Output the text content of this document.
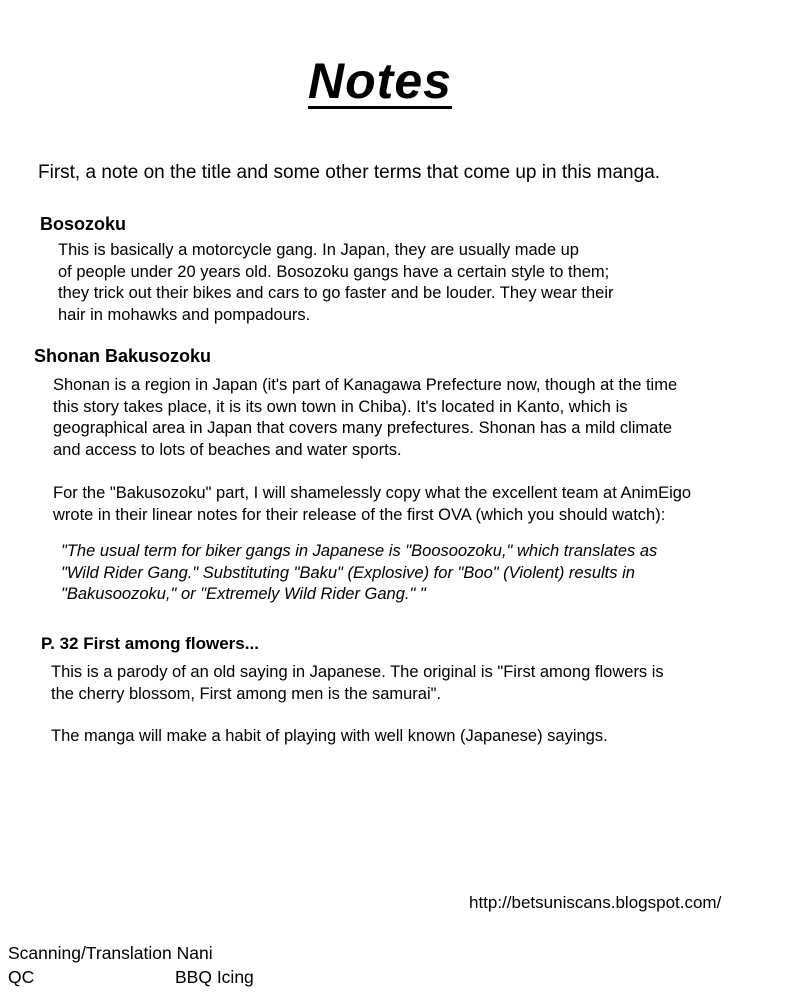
Notes
First, a note on the title and some other terms that come up in this manga.
Bosozoku
This is basically a motorcycle gang. In Japan, they are usually made up
of people under 20 years old. Bosozoku gangs have a certain style to them;
they trick out their bikes and cars to go faster and be louder. They wear their
hair in mohawks and pompadours.
Shonan Bakusozoku
Shonan is a region in Japan (it's part of Kanagawa Prefecture now, though at the time
this story takes place, it is its own town in Chiba). It's located in Kanto, which is
geographical area in Japan that covers many prefectures. Shonan has a mild climate
and access to lots of beaches and water sports.
For the "Bakusozoku" part, I will shamelessly copy what the excellent team at AnimEigo
wrote in their linear notes for their release of the first OVA (which you should watch):
"The usual term for biker gangs in Japanese is "Boosoozoku," which translates as
"Wild Rider Gang." Substituting "Baku" (Explosive) for "Boo" (Violent) results in
"Bakusoozoku," or "Extremely Wild Rider Gang." "
P. 32 First among flowers...
This is a parody of an old saying in Japanese. The original is "First among flowers is
the cherry blossom, First among men is the samurai".
The manga will make a habit of playing with well known (Japanese) sayings.
http://betsuniscans.blogspot.com/
Scanning/Translation Nani
QC	BBQ Icing
